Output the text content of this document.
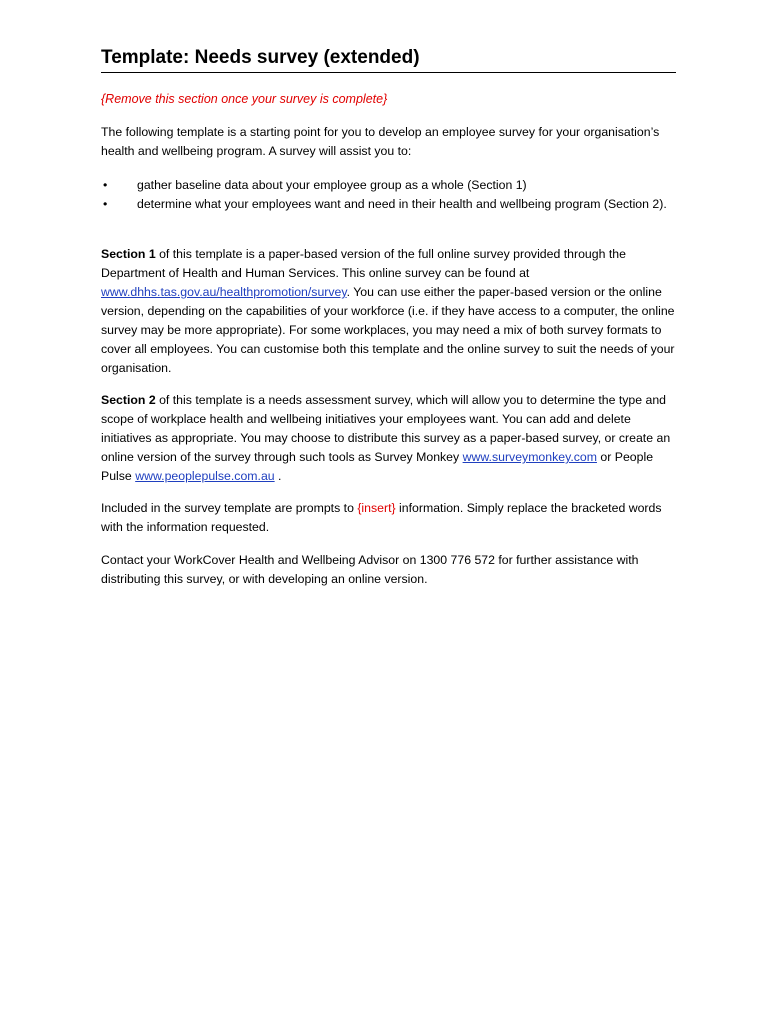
Template: Needs survey (extended)
{Remove this section once your survey is complete}
The following template is a starting point for you to develop an employee survey for your organisation’s health and wellbeing program. A survey will assist you to:
•	gather baseline data about your employee group as a whole (Section 1)
•	determine what your employees want and need in their health and wellbeing program (Section 2).
Section 1 of this template is a paper-based version of the full online survey provided through the Department of Health and Human Services. This online survey can be found at www.dhhs.tas.gov.au/healthpromotion/survey. You can use either the paper-based version or the online version, depending on the capabilities of your workforce (i.e. if they have access to a computer, the online survey may be more appropriate). For some workplaces, you may need a mix of both survey formats to cover all employees. You can customise both this template and the online survey to suit the needs of your organisation.
Section 2 of this template is a needs assessment survey, which will allow you to determine the type and scope of workplace health and wellbeing initiatives your employees want. You can add and delete initiatives as appropriate. You may choose to distribute this survey as a paper-based survey, or create an online version of the survey through such tools as Survey Monkey www.surveymonkey.com or People Pulse www.peoplepulse.com.au .
Included in the survey template are prompts to {insert} information. Simply replace the bracketed words with the information requested.
Contact your WorkCover Health and Wellbeing Advisor on 1300 776 572 for further assistance with distributing this survey, or with developing an online version.
